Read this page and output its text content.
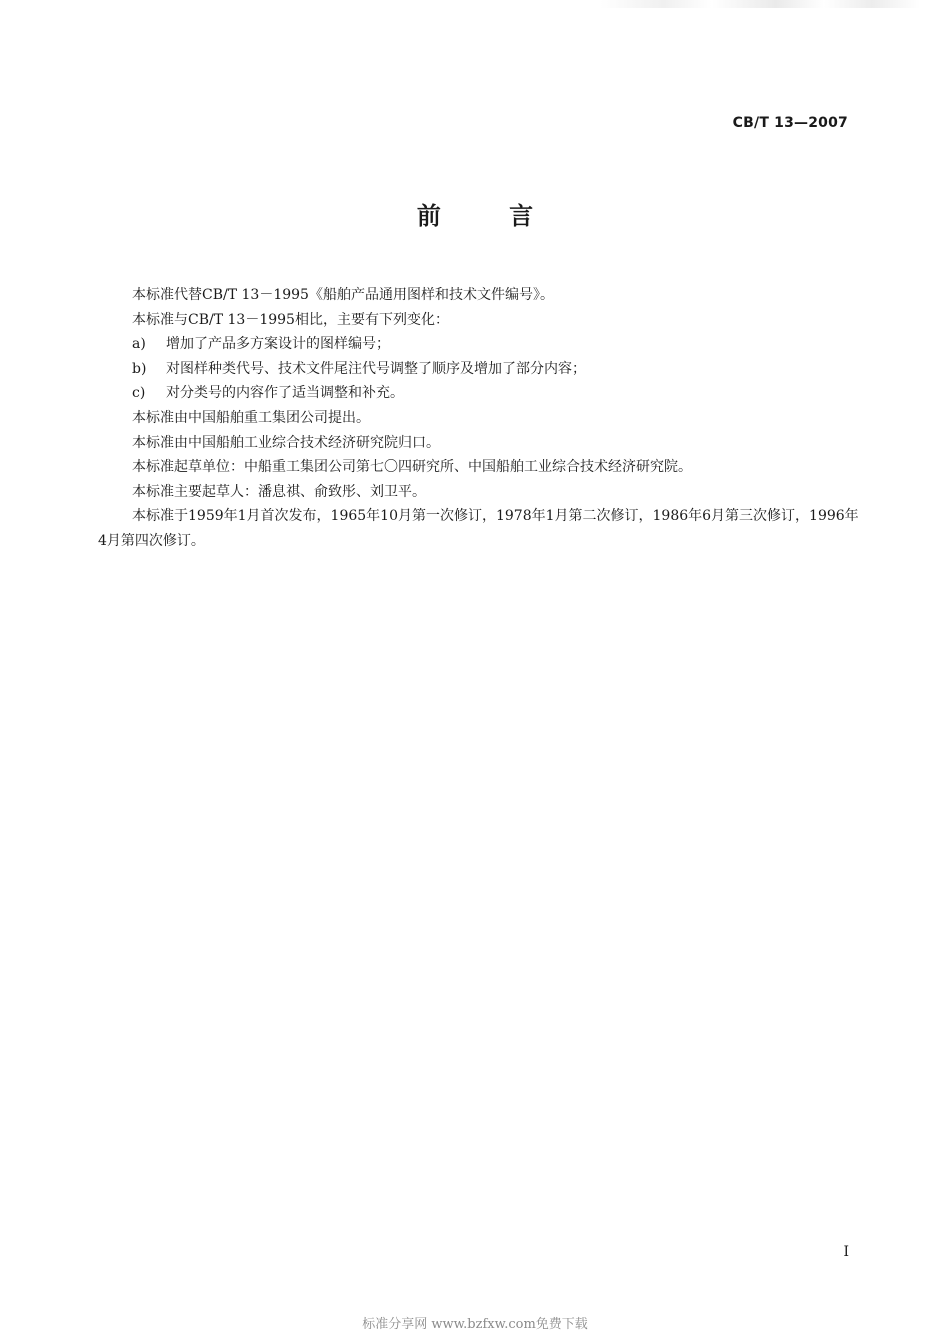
CB/T 13—2007
前 言

本标准代替CB/T 13－1995《船舶产品通用图样和技术文件编号》。

本标准与CB/T 13－1995相比，主要有下列变化：

a)	增加了产品多方案设计的图样编号；
b)	对图样种类代号、技术文件尾注代号调整了顺序及增加了部分内容；
c)	对分类号的内容作了适当调整和补充。

本标准由中国船舶重工集团公司提出。

本标准由中国船舶工业综合技术经济研究院归口。

本标准起草单位：中船重工集团公司第七〇四研究所、中国船舶工业综合技术经济研究院。

本标准主要起草人：潘息祺、俞致彤、刘卫平。

本标准于1959年1月首次发布，1965年10月第一次修订，1978年1月第二次修订，1986年6月第三次修订，1996年4月第四次修订。

I
标准分享网 www.bzfxw.com免费下载
